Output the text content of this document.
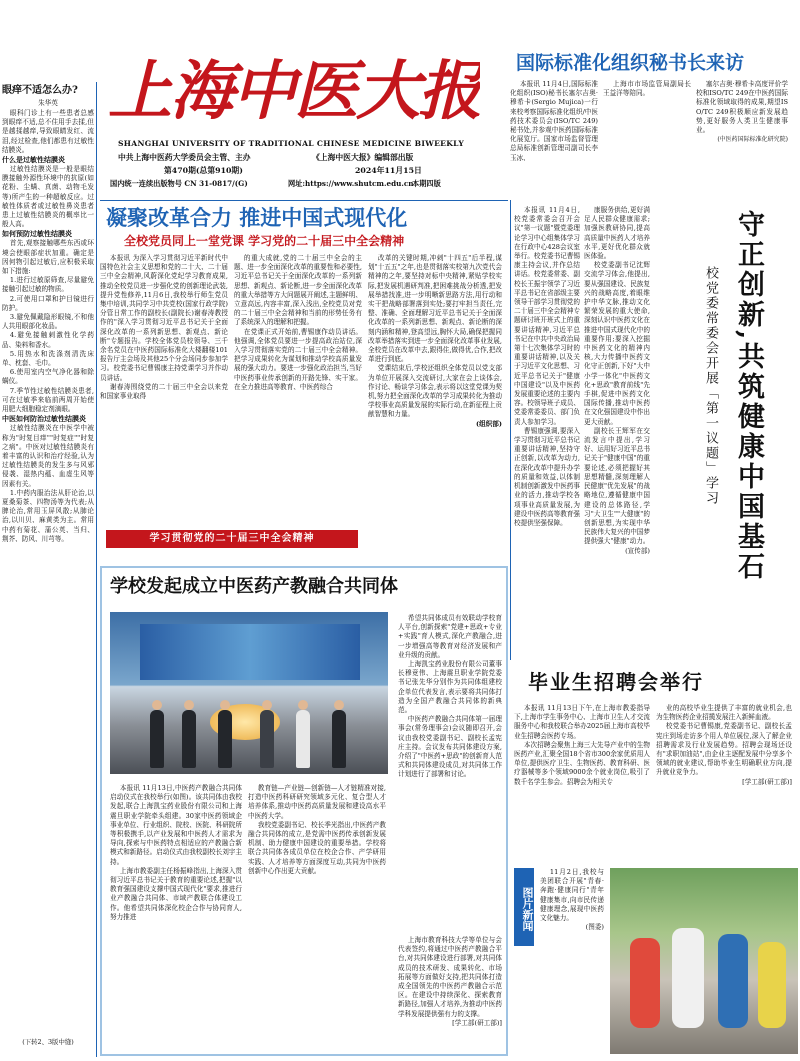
眼痒不适怎么办?
朱华英
眼科门诊上有一些患者总感到眼痒不适,总不住用手去揉,但是越揉越痒,导致眼睛发红、流泪,经过检查,他们都患有过敏性结膜炎。
什么是过敏性结膜炎
过敏性结膜炎是一般是眼结膜接触外源性环境中的抗原(如花粉、尘螨、真菌、动物毛发等)所产生的一种超敏反应。过敏性体质者或过敏性鼻炎患者患上过敏性结膜炎的概率比一般人高。
如何预防过敏性结膜炎
首先,观察接触哪些东西或环境会使眼部症状加重。确定是因何物引起过敏后,应积极采取如下措施:
1.进行过敏原筛查,尽量避免接触引起过敏的物质。
2.可使用口罩和护目镜进行防护。
3.避免佩戴隐形眼镜,不和他人共用眼部化妆品。
4.避免接触刺激性化学药品、染料和香水。
5.用热水和洗涤剂清洗床单、枕套、毛巾。
6.使用室内空气净化器和除螨仪。
7.季节性过敏性结膜炎患者,可在过敏季来临前两周开始使用肥大细胞稳定剂滴眼。
中医如何防治过敏性结膜炎
过敏性结膜炎在中医学中被称为"时复目痒""时复症""时复之病"。中医对过敏性结膜炎有着丰富的认识和治疗经验,认为过敏性结膜炎的发生多与风邪侵袭、湿热内蕴、血虚生风等因素有关。
1.中药内服治法从肝论治,以夏桑菊茶、四物汤等为代表;从脾论治,常用玉屏风散;从肺论治,以川贝、麻黄类为主。常用中药有菊花、蒲公英、当归、荆芥、防风、川芎等。
(下转2、3版中缝)
上海中医大报
SHANGHAI UNIVERSITY OF TRADITIONAL CHINESE MEDICINE BIWEEKLY
中共上海中医药大学委员会主管、主办	《上海中医大报》编辑部出版
第470期(总第910期)	2024年11月15日
国内统一连续出版物号 CN 31-0817/(G)	网址:https://www.shutcm.edu.cn
本期四版
国际标准化组织秘书长来访
本报讯 11月4日,国际标准化组织(ISO)秘书长塞尔吉奥·穆希卡(Sergio Mujica)一行来校考察国际标准化组织/中医药技术委员会(ISO/TC 249)秘书处,并参观中医药国际标准化展览厅。国家市场监督管理总局标准创新管理司副司长李玉冰、
上海市市场监管局副局长王益洋等陪同。
塞尔吉奥·穆希卡高度评价学校和ISO/TC 249在中医药国际标准化领域取得的成果,期望ISO/TC 249积极顺应新发展趋势,更好服务人类卫生健康事业。
(中医药国际标准化研究院)
凝聚改革合力 推进中国式现代化
全校党员同上一堂党课 学习党的二十届三中全会精神
本报讯 为深入学习贯彻习近平新时代中国特色社会主义思想和党的二十大、二十届三中全会精神,风蔚深化党纪学习教育成果,推动全校党员进一步强化党的创新理论武装,提升党性修养,11月6日,我校举行师生党员集中培训,共同学习中共党校(国家行政学院)分管日常工作的副校长(副院长)谢春涛教授作的"深入学习贯彻习近平总书记关于全面深化改革的一系列新思想、新观点、新论断"专题报告。学校全体党员校领导、三千余名党员在中医药国际标准化大楼翻楼101报告厅主会场及其他25个分会场同步参加学习。校党委书记曹锡康主持党课学习并作动员讲话。
谢春涛围绕党的二十届三中全会以来党和国家事业取得
的重大成就,党的二十届三中全会的主题、进一步全面深化改革的重要性和必要性,习近平总书记关于全面深化改革的一系列新思想、新观点、新论断,进一步全面深化改革的重大举措等方大问题展开阐述,主题鲜明、立意高远,内容丰富,深入浅出,全校党员对党的二十届三中全会精神和当前的形势任务有了系统深入的理解和把握。
在党课正式开始前,曹锡康作动员讲话。他强调,全体党员要进一步提高政治站位,深入学习贯彻落实党的二十届三中全会精神。把学习成果转化为谋划和推动学校高质量发展的强大动力。要进一步强化政治担当,当好中医药事业传承创新的开路先锋、实干家。在全力推进高等教育、中医药综合
改革的关键时期,冲刺"十四五"后半程,谋划"十五五"之年,也是贯彻落实校第九次党代会精神的之年,要坚持对标中央精神,紧贴学校实际,把发展机遇研判准,把困难挑战分析透,把发展举措找准,进一步明晰新思路方法,用行动和实干把战略部署落到实处;要打牢担当责任,完整、准确、全面理解习近平总书记关于全面深化改革的一系列新思想、新观点、新论断的深刻内涵和精神,登高望远,胸怀大局,确保把握同改革举措落实到进一步全面深化改革事业发展,全校党员在改革中去,跟得住,做得优,合作,把改革进行到底。
党课结束后,学校还组织全体党员以党支部为单位开展深入交流研讨,大家在会上谈体会,作讨论、畅谈学习体会,表示将以这堂党课为契机,努力把全面深化改革的学习成果转化为推动学校事业高质量发展的实际行动,在新征程上贡献智慧和力量。
(组织部)
学习贯彻党的二十届三中全会精神
本报讯 11月4日,校党委常委会召开会议"第一议题"暨党委理论学习中心组集体学习在行政中心428会议室举行。校党委书记曹锡康主持会议,并作总结讲话。校党委常委、副校长王振宇领学了习近平总书记在省部级主要领导干部学习贯彻党的二十届三中全会精神专题研讨班开班式上的重要讲话精神,习近平总书记在中共中央政治局第十七次集体学习时的重要讲话精神,以及关于习近平文化思想、习近平总书记关于"健康中国建设"以及中医药发展重要论述的主要内容。校领导班子成员、党委常委委员、部门负责人参加学习。
曹锡康强调,要深入学习贯彻习近平总书记重要讲话精神,坚持守正创新,以改革为动力,在深化改革中提升办学的质量和效益,以体制机制创新激发中医药事业的活力,推动学校各项事业高质量发展,为建设中医药高等教育强校提供坚强保障。
康服务供给,更好满足人民群众健康需求;加强医教研协同,提高高质量中医药人才培养水平,更好优化群众就医体验。
校党委副书记沈辉交流学习体会,他提出,要从强国建设、民族复兴的战略高度,着眼维护中华文脉,推动文化繁荣发展的重大使命,深刻认识中医药文化在推进中国式现代化中的重要作用;要深入挖掘中医药文化的精神内核,大力传播中医药文化守正创新,下好"大中小学一体化"中医药文化+思政"教育前线"先手棋,促进中医药文化国际传播,推动中医药在文化强国建设中作出更大贡献。
副校长王辉军在交流发言中提出,学习好、运用好习近平总书记关于"健康中国"的重要论述,必须把握好其思想精髓,深刻理解人民健康"优先发展"的战略地位,遵循健康中国建设的总体路径,学习"大卫生""大健康"的创新思想,为实现中华民族伟大复兴的中国梦提供强大"健康"动力。
(宣传部)	守正创新,共筑健康中国基石
校党委常委会开展「第一议题」学习
学校发起成立中医药产教融合共同体
希望共同体成员有效联动学校育人平台,创新探索"党建+思政+专业+实践"育人模式,深化产教融合,进一步增强高等教育对经济发展和产业升级的贡献。
上海凯宝药业股份有限公司董事长穆竟伟、上海震旦职业学院党委书记张先华分别作为共同体组建校企单位代表发言,表示要将共同体打造为全国产教融合共同体的新典范。
中医药产教融合共同体第一届理事会(常务理事会)会议随即召开,会议由我校党委副书记、副校长孟宪庄主持。会议发布共同体建设方案,介绍了"中医药+思政"的创新育人范式和共同体建设成员,对共同体工作计划进行了部署和讨论。
本报讯 11月13日,中医药产教融合共同体启动仪式在我校举行(如图)。该共同体由我校发起,联合上海凯宝药业股份有限公司和上海震旦职业学院牵头组建。30家中医药领域企事业单位、行业组织、院校、医院、科研院所等积极携手,以产业发展和中医药人才需求为导向,探索与中医药特点相适应的产教融合新模式和新路径。启动仪式由我校副校长刘宇主持。
上海市教委副主任杨振峰指出,上海深入贯彻习近平总书记关于教育的重要论述,把握"以教育强国建设支撑中国式现代化"要求,推进行业产教融合共同体、市域产教联合体建设工作。他希望共同体深化校企合作与协同育人,努力推进
教育链—产业链—创新链—人才链精准对接,打造中医药科研研究领域多元化、复合型人才培养体系,推动中医药高质量发展和建设高水平中医药大学。
我校党委副书记、校长季光指出,中医药产教融合共同体的成立,是党需中医药传承创新发展机制、助力健康中国建设的重要举措。学校将联合共同体各成员单位在校企合作、产学研用实践、人才培养等方面深度互动,共同为中医药创新中心作出更大贡献。
上海市教育科技大学等单位与会代表签约,将通过中医药产教融合平台,对共同体建设进行部署,对共同体成员的技术研发、成果转化、市场拓展等方面做好支持,把共同体打造成全国领先的中医药产教融合示范区。在建设中持续深化、探索教育新路径,加强人才培养,为推动中医药学科发展提供强有力的支撑。
[学工部(研工部)]
毕业生招聘会举行
本报讯 11月13日下午,在上海市教委指导下,上海市学生事务中心、上海市卫生人才交流服务中心和我校联合举办2025届上海市高校毕业生招聘会医药专场。
本次招聘会聚焦上海三大先导产业中的生物医药产业,汇聚全国18个省市300余家优质用人单位,提供医疗卫生、生物医药、教育科研、医疗器械等多个领域9000余个就业岗位,吸引了数千名学生参会。招聘会为相关专
业的高校毕业生提供了丰富的就业机会,也为生物医药企业招揽发展注入新鲜血液。
校党委书记曹锡康,党委副书记、副校长孟宪庄到场走访多个用人单位展位,深入了解企业招聘需求及行业发展趋势。招聘会现场还设有"求职加油站",由企业主逐配发展中分享多个领域的就业建议,帮助毕业生明确职业方向,提升就业竞争力。
[学工部(研工部)]
图片新闻
11月2日,我校与美团联合开展"青春·奔跑·健康同行"青年健康集市,向市民传递健康理念,展现中医药文化魅力。
(图委)
